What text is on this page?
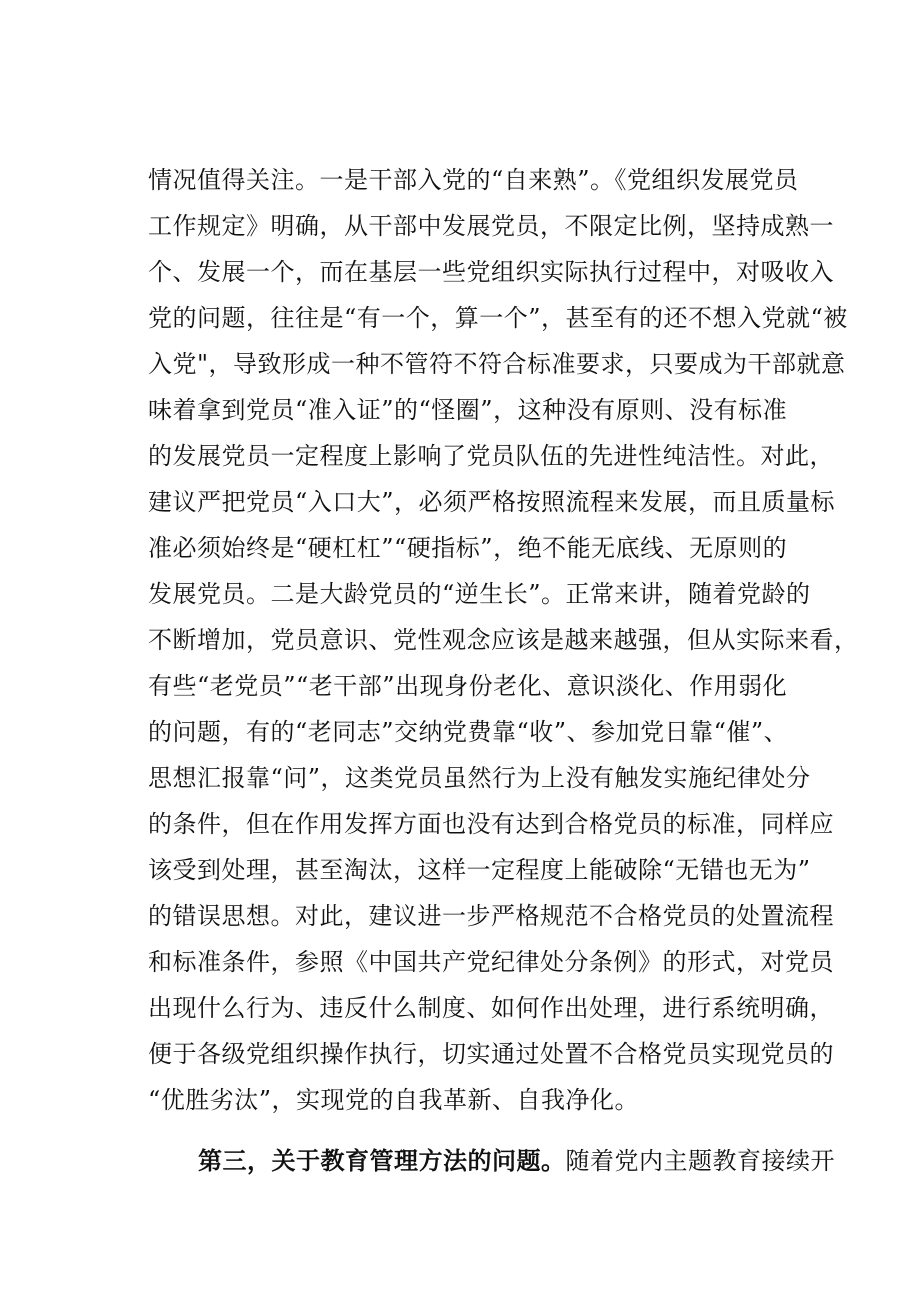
情况值得关注。一是干部入党的“自来熟”。《党组织发展党员
工作规定》明确，从干部中发展党员，不限定比例，坚持成熟一
个、发展一个，而在基层一些党组织实际执行过程中，对吸收入
党的问题，往往是“有一个，算一个”，甚至有的还不想入党就“被
入党"，导致形成一种不管符不符合标准要求，只要成为干部就意
味着拿到党员“准入证”的“怪圈”，这种没有原则、没有标准
的发展党员一定程度上影响了党员队伍的先进性纯洁性。对此，
建议严把党员“入口大”，必须严格按照流程来发展，而且质量标
准必须始终是“硬杠杠”“硬指标”，绝不能无底线、无原则的
发展党员。二是大龄党员的“逆生长”。正常来讲，随着党龄的
不断增加，党员意识、党性观念应该是越来越强，但从实际来看，
有些“老党员”“老干部”出现身份老化、意识淡化、作用弱化
的问题，有的“老同志”交纳党费靠“收”、参加党日靠“催”、
思想汇报靠“问”，这类党员虽然行为上没有触发实施纪律处分
的条件，但在作用发挥方面也没有达到合格党员的标准，同样应
该受到处理，甚至淘汰，这样一定程度上能破除“无错也无为”
的错误思想。对此，建议进一步严格规范不合格党员的处置流程
和标准条件，参照《中国共产党纪律处分条例》的形式，对党员
出现什么行为、违反什么制度、如何作出处理，进行系统明确，
便于各级党组织操作执行，切实通过处置不合格党员实现党员的
“优胜劣汰”，实现党的自我革新、自我净化。
第三，关于教育管理方法的问题。随着党内主题教育接续开
